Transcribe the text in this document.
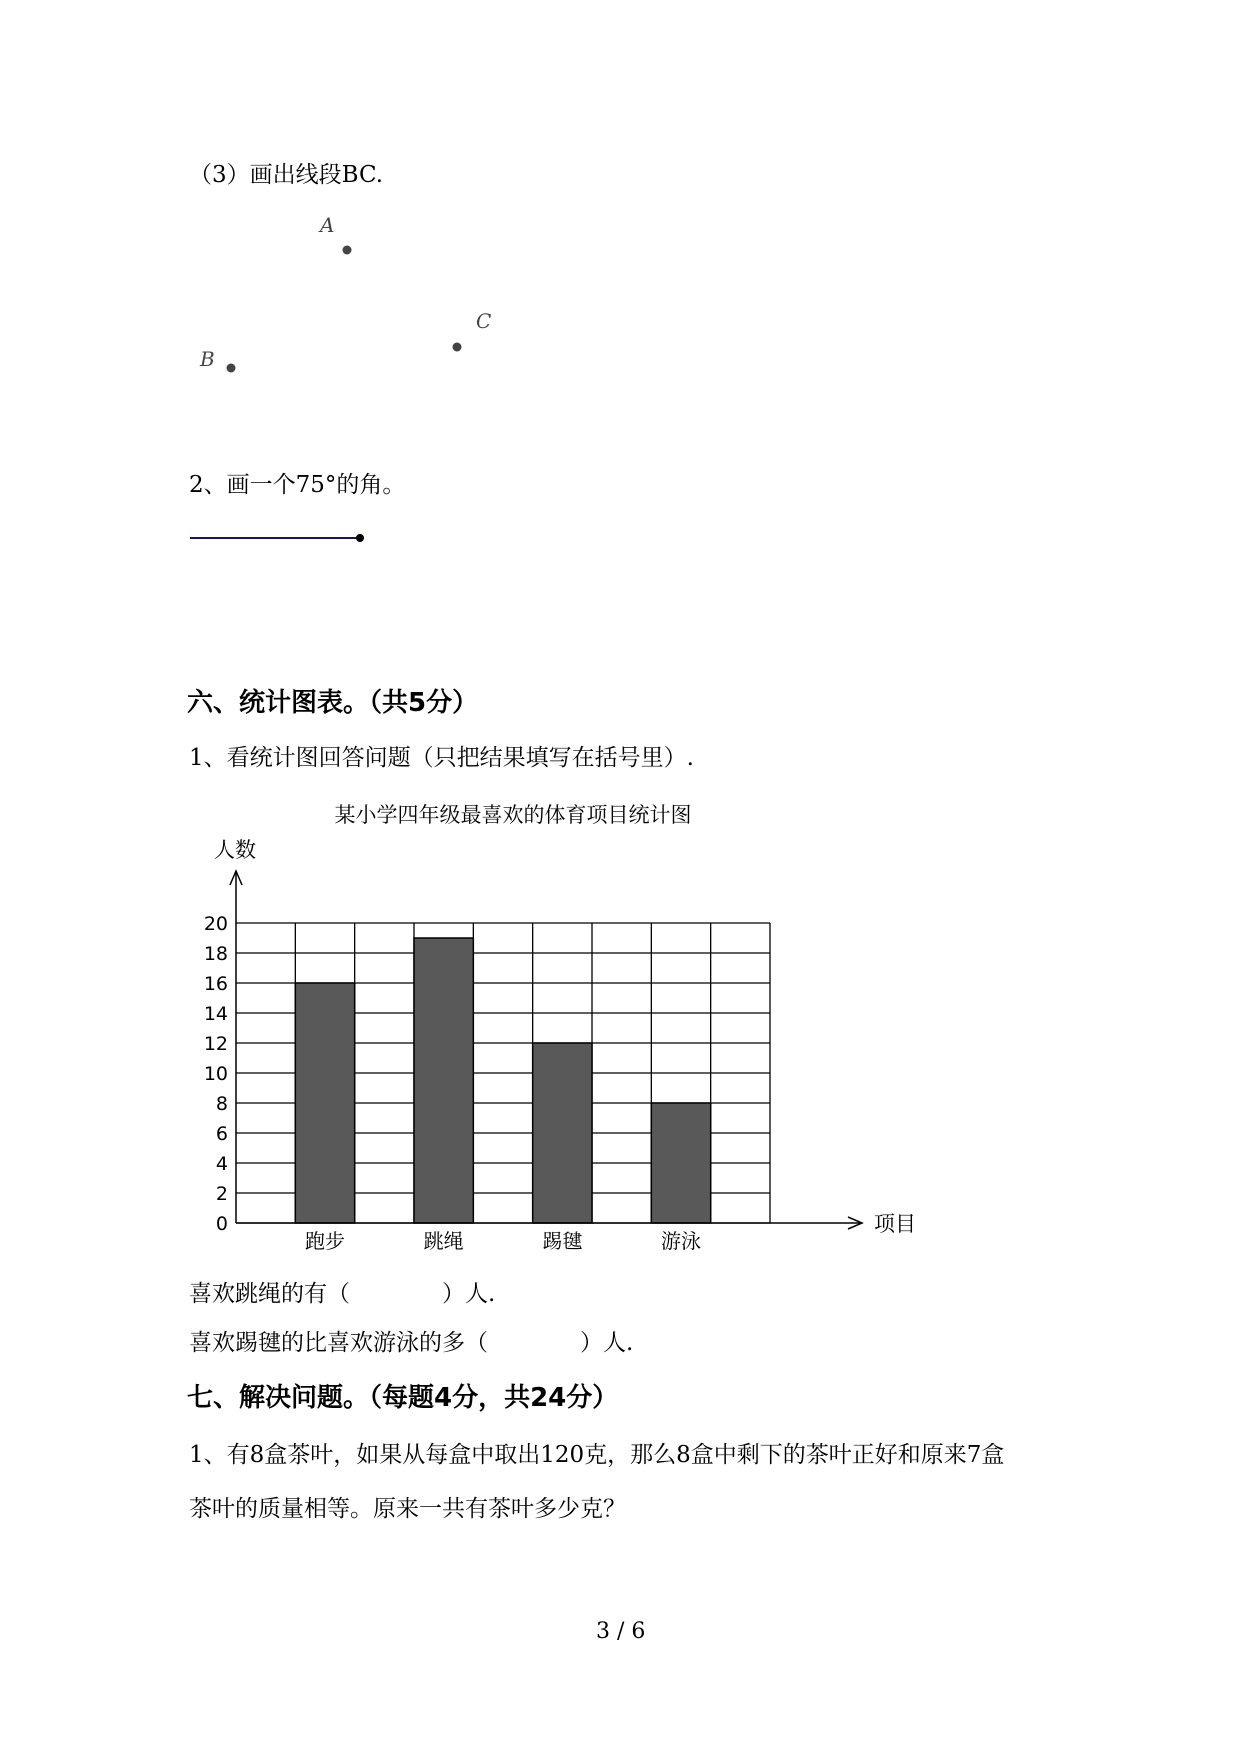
（3）画出线段BC.

A
C
B

2、画一个75°的角。

六、统计图表。（共5分）

1、看统计图回答问题（只把结果填写在括号里）.

某小学四年级最喜欢的体育项目统计图
跑步	跳绳	踢毽	游泳
0
2
4
6
8
10
12
14
16
18
20
人数
项目

喜欢跳绳的有（　　　　）人.

喜欢踢毽的比喜欢游泳的多（　　　　）人.

七、解决问题。（每题4分，共24分）

1、有8盒茶叶，如果从每盒中取出120克，那么8盒中剩下的茶叶正好和原来7盒

茶叶的质量相等。原来一共有茶叶多少克？

3 / 6
